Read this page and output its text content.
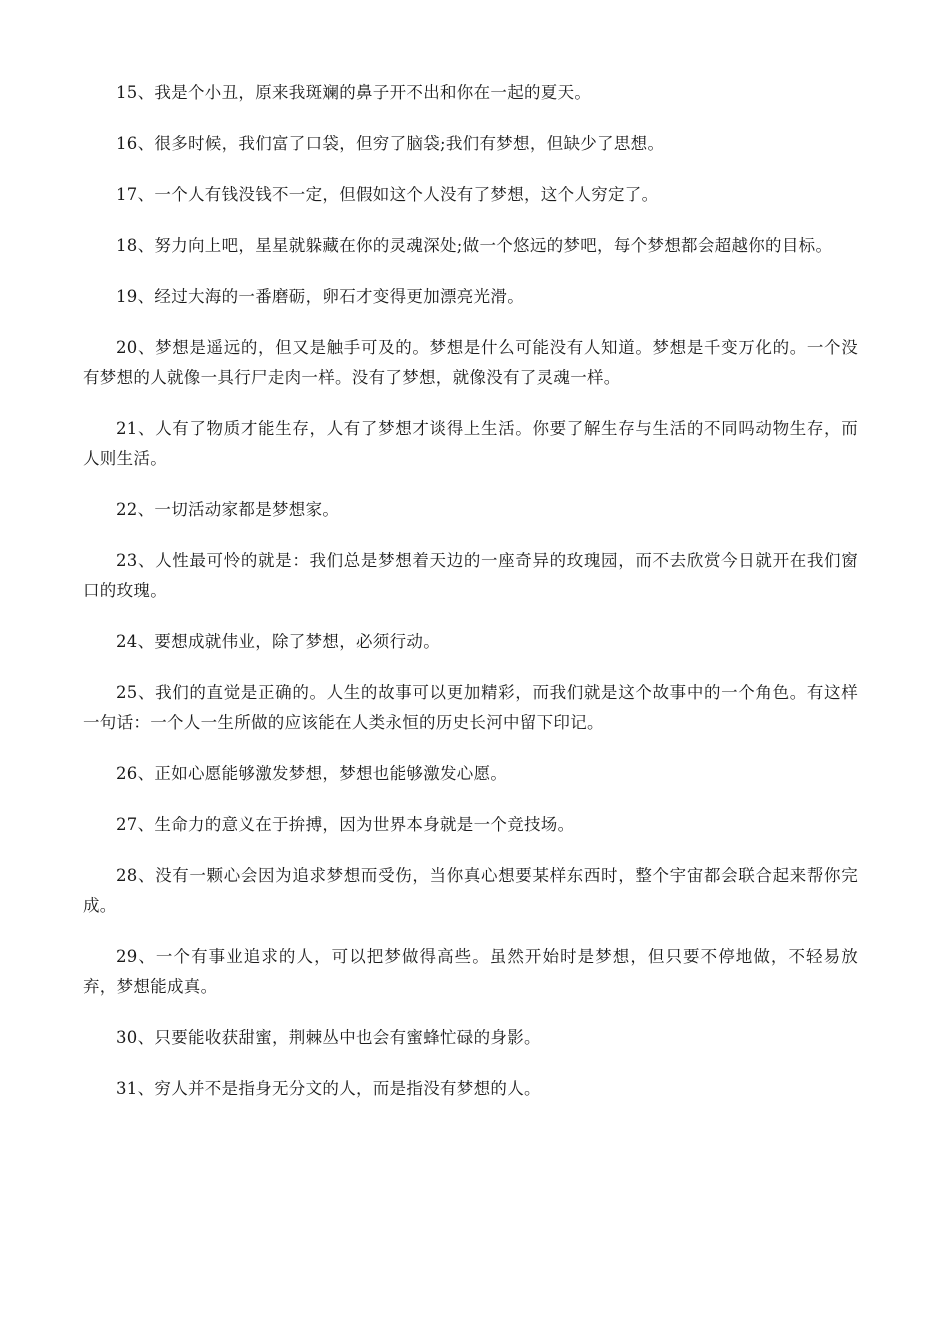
15、我是个小丑，原来我斑斓的鼻子开不出和你在一起的夏天。

16、很多时候，我们富了口袋，但穷了脑袋;我们有梦想，但缺少了思想。

17、一个人有钱没钱不一定，但假如这个人没有了梦想，这个人穷定了。

18、努力向上吧，星星就躲藏在你的灵魂深处;做一个悠远的梦吧，每个梦想都会超越你的目标。

19、经过大海的一番磨砺，卵石才变得更加漂亮光滑。

20、梦想是遥远的，但又是触手可及的。梦想是什么可能没有人知道。梦想是千变万化的。一个没有梦想的人就像一具行尸走肉一样。没有了梦想，就像没有了灵魂一样。

21、人有了物质才能生存，人有了梦想才谈得上生活。你要了解生存与生活的不同吗动物生存，而人则生活。

22、一切活动家都是梦想家。

23、人性最可怜的就是：我们总是梦想着天边的一座奇异的玫瑰园，而不去欣赏今日就开在我们窗口的玫瑰。

24、要想成就伟业，除了梦想，必须行动。

25、我们的直觉是正确的。人生的故事可以更加精彩，而我们就是这个故事中的一个角色。有这样一句话：一个人一生所做的应该能在人类永恒的历史长河中留下印记。

26、正如心愿能够激发梦想，梦想也能够激发心愿。

27、生命力的意义在于拚搏，因为世界本身就是一个竞技场。

28、没有一颗心会因为追求梦想而受伤，当你真心想要某样东西时，整个宇宙都会联合起来帮你完成。

29、一个有事业追求的人，可以把梦做得高些。虽然开始时是梦想，但只要不停地做，不轻易放弃，梦想能成真。

30、只要能收获甜蜜，荆棘丛中也会有蜜蜂忙碌的身影。

31、穷人并不是指身无分文的人，而是指没有梦想的人。
